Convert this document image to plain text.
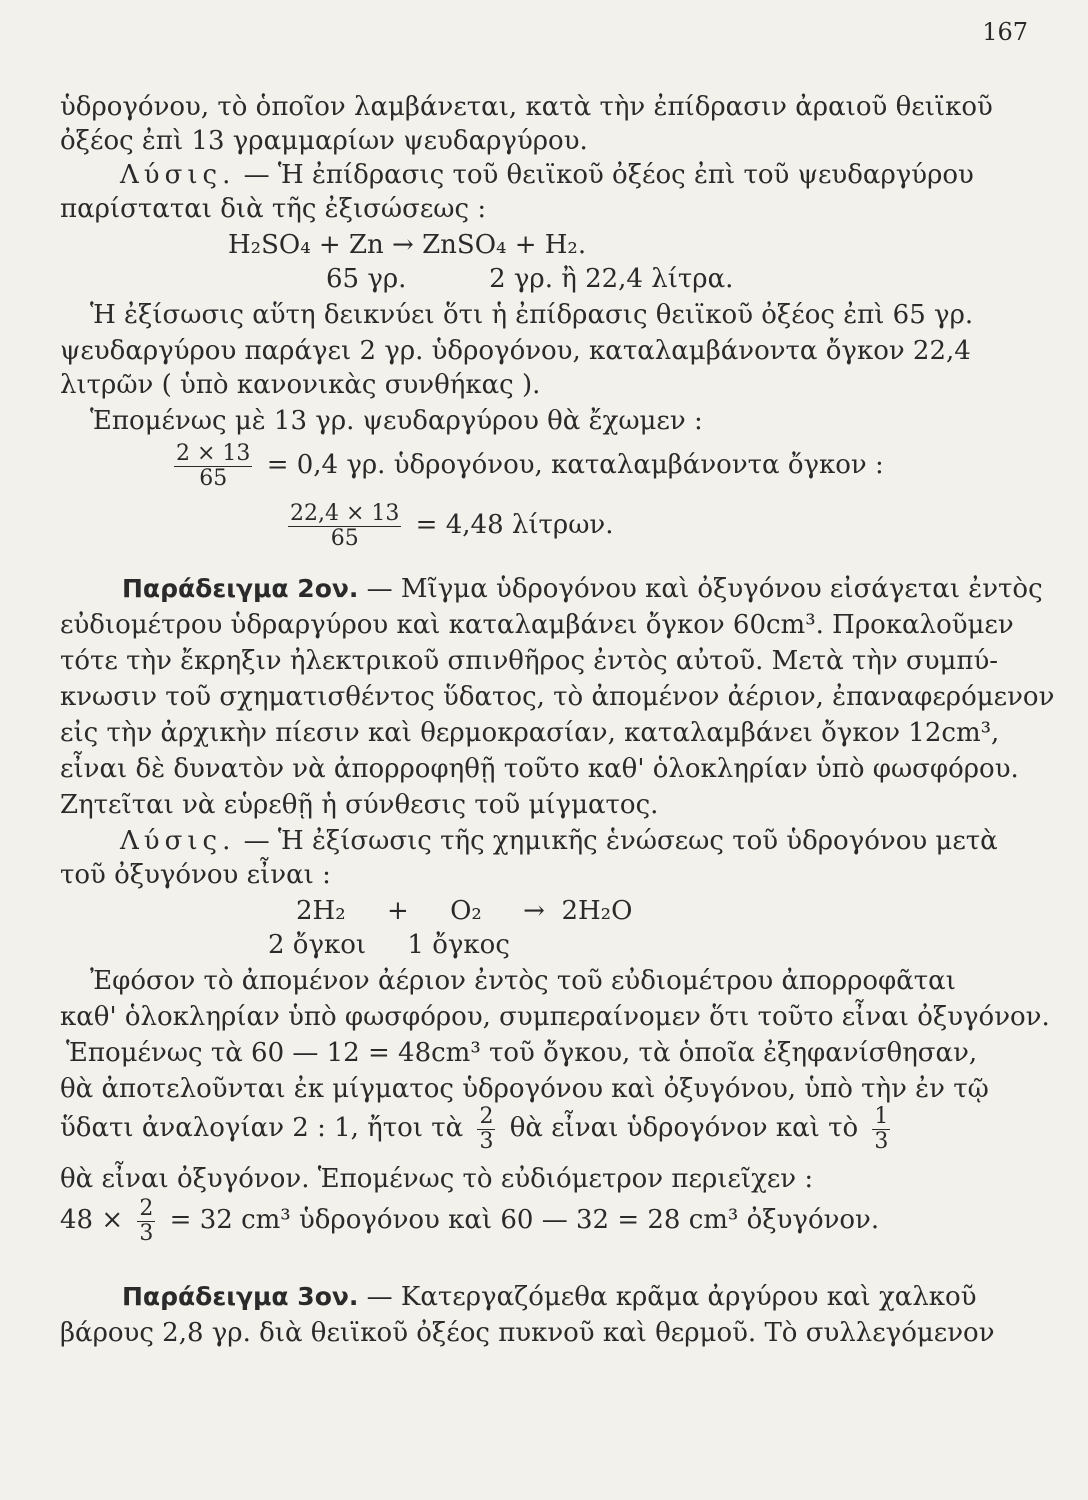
167
ὑδρογόνου, τὸ ὁποῖον λαμβάνεται, κατὰ τὴν ἐπίδρασιν ἀραιοῦ θειϊκοῦ
ὀξέος ἐπὶ 13 γραμμαρίων ψευδαργύρου.
Λύσις. — Ἡ ἐπίδρασις τοῦ θειϊκοῦ ὀξέος ἐπὶ τοῦ ψευδαργύρου
παρίσταται διὰ τῆς ἐξισώσεως :
H₂SO₄ + Zn → ZnSO₄ + H₂.
65 γρ.          2 γρ. ἢ 22,4 λίτρα.
Ἡ ἐξίσωσις αὕτη δεικνύει ὅτι ἡ ἐπίδρασις θειϊκοῦ ὀξέος ἐπὶ 65 γρ.
ψευδαργύρου παράγει 2 γρ. ὑδρογόνου, καταλαμβάνοντα ὄγκον 22,4
λιτρῶν ( ὑπὸ κανονικὰς συνθήκας ).
Ἑπομένως μὲ 13 γρ. ψευδαργύρου θὰ ἔχωμεν :
$\frac{2 \times 13}{65} = 0,4$ γρ. ὑδρογόνου, καταλαμβάνοντα ὄγκον :
$\frac{22,4 \times 13}{65} = 4,48$ λίτρων.
Παράδειγμα 2ον. — Μῖγμα ὑδρογόνου καὶ ὀξυγόνου εἰσάγεται ἐντὸς
εὐδιομέτρου ὑδραργύρου καὶ καταλαμβάνει ὄγκον 60cm³. Προκαλοῦμεν
τότε τὴν ἔκρηξιν ἠλεκτρικοῦ σπινθῆρος ἐντὸς αὐτοῦ. Μετὰ τὴν συμπύ-
κνωσιν τοῦ σχηματισθέντος ὕδατος, τὸ ἀπομένον ἀέριον, ἐπαναφερόμενον
εἰς τὴν ἀρχικὴν πίεσιν καὶ θερμοκρασίαν, καταλαμβάνει ὄγκον 12cm³,
εἶναι δὲ δυνατὸν νὰ ἀπορροφηθῇ τοῦτο καθ' ὁλοκληρίαν ὑπὸ φωσφόρου.
Ζητεῖται νὰ εὑρεθῇ ἡ σύνθεσις τοῦ μίγματος.
Λύσις. — Ἡ ἐξίσωσις τῆς χημικῆς ἑνώσεως τοῦ ὑδρογόνου μετὰ
τοῦ ὀξυγόνου εἶναι :
2H₂     +     O₂     →  2H₂O
2 ὄγκοι     1 ὄγκος
Ἐφόσον τὸ ἀπομένον ἀέριον ἐντὸς τοῦ εὐδιομέτρου ἀπορροφᾶται
καθ' ὁλοκληρίαν ὑπὸ φωσφόρου, συμπεραίνομεν ὅτι τοῦτο εἶναι ὀξυγόνον.
Ἑπομένως τὰ 60 — 12 = 48cm³ τοῦ ὄγκου, τὰ ὁποῖα ἐξηφανίσθησαν,
θὰ ἀποτελοῦνται ἐκ μίγματος ὑδρογόνου καὶ ὀξυγόνου, ὑπὸ τὴν ἐν τῷ
ὕδατι ἀναλογίαν 2 : 1, ἤτοι τὰ $\frac{2}{3}$ θὰ εἶναι ὑδρογόνον καὶ τὸ $\frac{1}{3}$
θὰ εἶναι ὀξυγόνον. Ἑπομένως τὸ εὐδιόμετρον περιεῖχεν :
$48 \times \frac{2}{3} = 32$ cm³ ὑδρογόνου καὶ 60 — 32 = 28 cm³ ὀξυγόνον.
Παράδειγμα 3ον. — Κατεργαζόμεθα κρᾶμα ἀργύρου καὶ χαλκοῦ
βάρους 2,8 γρ. διὰ θειϊκοῦ ὀξέος πυκνοῦ καὶ θερμοῦ. Τὸ συλλεγόμενον
